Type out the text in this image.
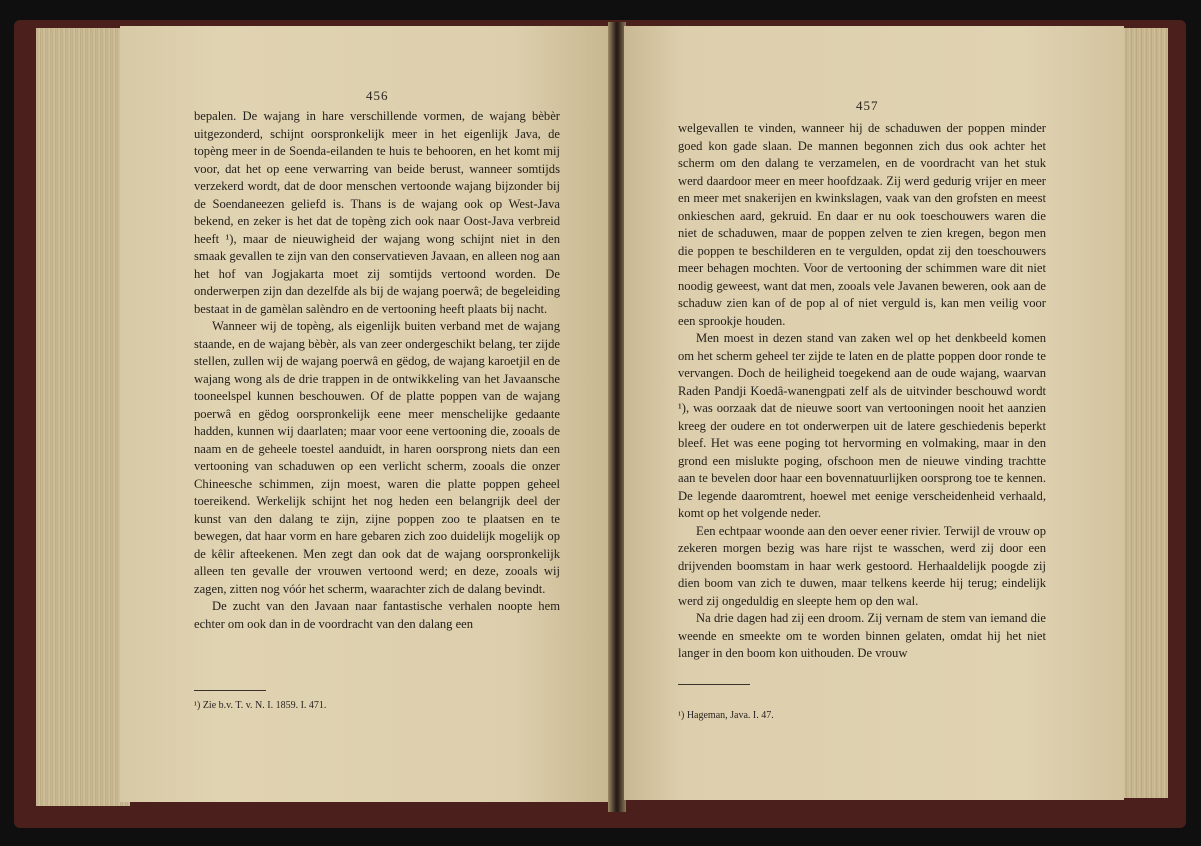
456

bepalen. De wajang in hare verschillende vormen, de wajang bèbèr uitgezonderd, schijnt oorspronkelijk meer in het eigenlijk Java, de topèng meer in de Soenda-eilanden te huis te behooren, en het komt mij voor, dat het op eene verwarring van beide berust, wanneer somtijds verzekerd wordt, dat de door menschen vertoonde wajang bijzonder bij de Soendaneezen geliefd is. Thans is de wajang ook op West-Java bekend, en zeker is het dat de topèng zich ook naar Oost-Java verbreid heeft ¹), maar de nieuwigheid der wajang wong schijnt niet in den smaak gevallen te zijn van den conservatieven Javaan, en alleen nog aan het hof van Jogjakarta moet zij somtijds vertoond worden. De onderwerpen zijn dan dezelfde als bij de wajang poerwâ; de begeleiding bestaat in de gamèlan salèndro en de vertooning heeft plaats bij nacht.

Wanneer wij de topèng, als eigenlijk buiten verband met de wajang staande, en de wajang bèbèr, als van zeer ondergeschikt belang, ter zijde stellen, zullen wij de wajang poerwâ en gëdog, de wajang karoetjil en de wajang wong als de drie trappen in de ontwikkeling van het Javaansche tooneelspel kunnen beschouwen. Of de platte poppen van de wajang poerwâ en gëdog oorspronkelijk eene meer menschelijke gedaante hadden, kunnen wij daarlaten; maar voor eene vertooning die, zooals de naam en de geheele toestel aanduidt, in haren oorsprong niets dan een vertooning van schaduwen op een verlicht scherm, zooals die onzer Chineesche schimmen, zijn moest, waren die platte poppen geheel toereikend. Werkelijk schijnt het nog heden een belangrijk deel der kunst van den dalang te zijn, zijne poppen zoo te plaatsen en te bewegen, dat haar vorm en hare gebaren zich zoo duidelijk mogelijk op de kêlir afteekenen. Men zegt dan ook dat de wajang oorspronkelijk alleen ten gevalle der vrouwen vertoond werd; en deze, zooals wij zagen, zitten nog vóór het scherm, waarachter zich de dalang bevindt.

De zucht van den Javaan naar fantastische verhalen noopte hem echter om ook dan in de voordracht van den dalang een

¹) Zie b.v. T. v. N. I. 1859. I. 471.
457

welgevallen te vinden, wanneer hij de schaduwen der poppen minder goed kon gade slaan. De mannen begonnen zich dus ook achter het scherm om den dalang te verzamelen, en de voordracht van het stuk werd daardoor meer en meer hoofdzaak. Zij werd gedurig vrijer en meer en meer met snakerijen en kwinkslagen, vaak van den grofsten en meest onkieschen aard, gekruid. En daar er nu ook toeschouwers waren die niet de schaduwen, maar de poppen zelven te zien kregen, begon men die poppen te beschilderen en te vergulden, opdat zij den toeschouwers meer behagen mochten. Voor de vertooning der schimmen ware dit niet noodig geweest, want dat men, zooals vele Javanen beweren, ook aan de schaduw zien kan of de pop al of niet verguld is, kan men veilig voor een sprookje houden.

Men moest in dezen stand van zaken wel op het denkbeeld komen om het scherm geheel ter zijde te laten en de platte poppen door ronde te vervangen. Doch de heiligheid toegekend aan de oude wajang, waarvan Raden Pandji Koedâ-wanengpati zelf als de uitvinder beschouwd wordt ¹), was oorzaak dat de nieuwe soort van vertooningen nooit het aanzien kreeg der oudere en tot onderwerpen uit de latere geschiedenis beperkt bleef. Het was eene poging tot hervorming en volmaking, maar in den grond een mislukte poging, ofschoon men de nieuwe vinding trachtte aan te bevelen door haar een bovennatuurlijken oorsprong toe te kennen. De legende daaromtrent, hoewel met eenige verscheidenheid verhaald, komt op het volgende neder.

Een echtpaar woonde aan den oever eener rivier. Terwijl de vrouw op zekeren morgen bezig was hare rijst te wasschen, werd zij door een drijvenden boomstam in haar werk gestoord. Herhaaldelijk poogde zij dien boom van zich te duwen, maar telkens keerde hij terug; eindelijk werd zij ongeduldig en sleepte hem op den wal.

Na drie dagen had zij een droom. Zij vernam de stem van iemand die weende en smeekte om te worden binnen gelaten, omdat hij het niet langer in den boom kon uithouden. De vrouw

¹) Hageman, Java. I. 47.
